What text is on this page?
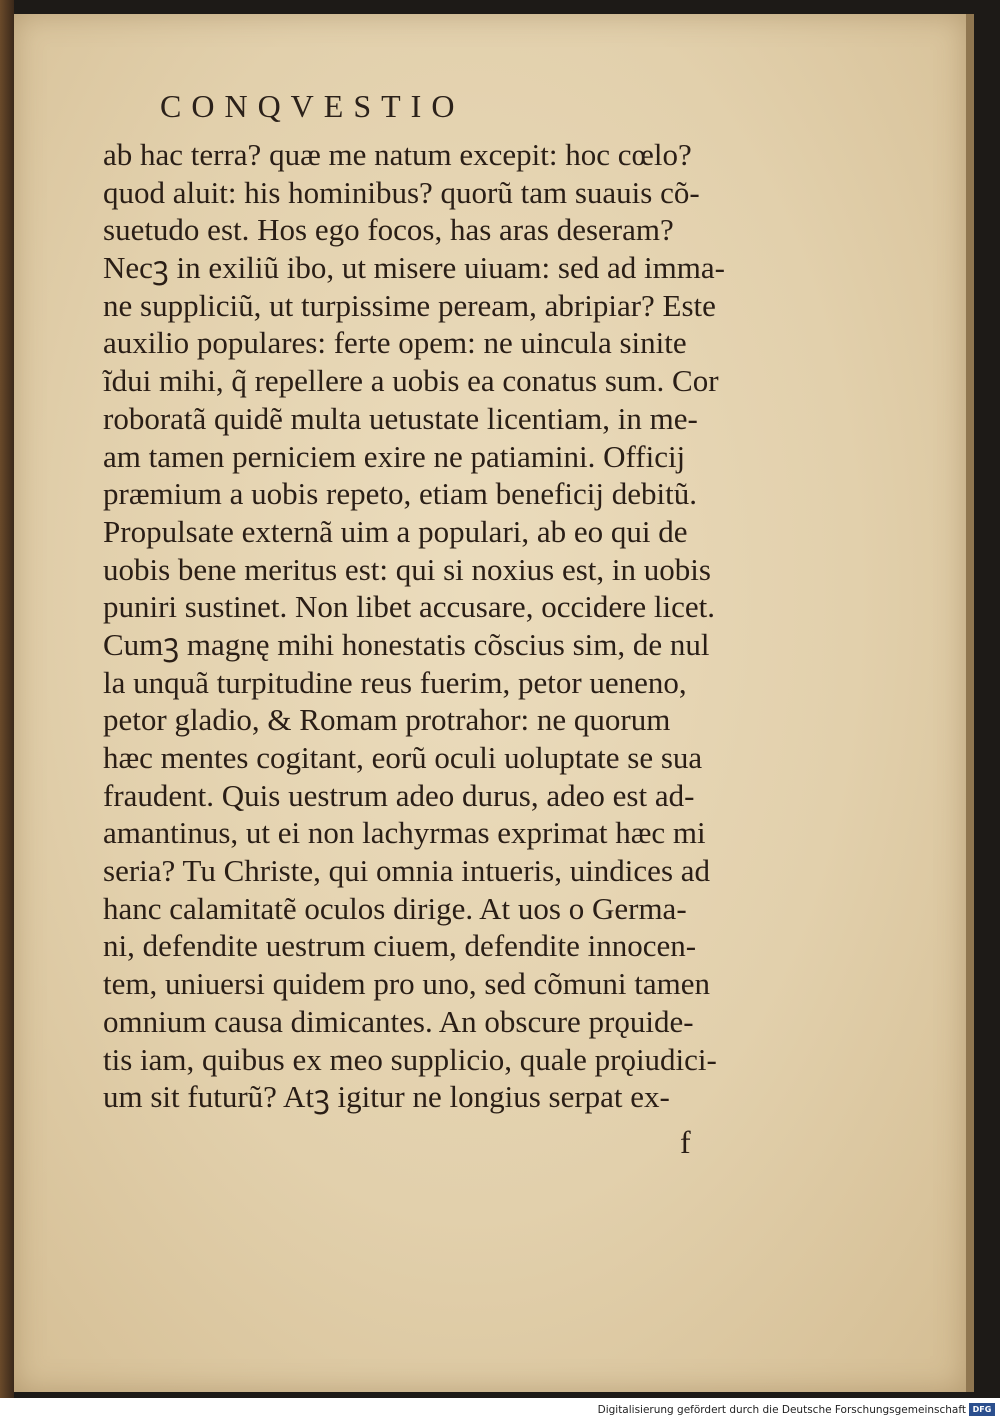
CONQVESTIO
ab hac terra? quæ me natum excepit: hoc cœlo?
quod aluit: his hominibus? quorũ tam suauis cõ-
suetudo est. Hos ego focos, has aras deseram?
Necꝫ in exiliũ ibo, ut misere uiuam: sed ad imma-
ne suppliciũ, ut turpissime peream, abripiar? Este
auxilio populares: ferte opem: ne uincula sinite
ĩdui mihi, q̃ repellere a uobis ea conatus sum. Cor
roboratã quidẽ multa uetustate licentiam, in me-
am tamen perniciem exire ne patiamini. Officij
præmium a uobis repeto, etiam beneficij debitũ.
Propulsate externã uim a populari, ab eo qui de
uobis bene meritus est: qui si noxius est, in uobis
puniri sustinet. Non libet accusare, occidere licet.
Cumꝫ magnę mihi honestatis cõscius sim, de nul
la unquã turpitudine reus fuerim, petor ueneno,
petor gladio, & Romam protrahor: ne quorum
hæc mentes cogitant, eorũ oculi uoluptate se sua
fraudent. Quis uestrum adeo durus, adeo est ad-
amantinus, ut ei non lachyrmas exprimat hæc mi
seria? Tu Christe, qui omnia intueris, uindices ad
hanc calamitatẽ oculos dirige. At uos o Germa-
ni, defendite uestrum ciuem, defendite innocen-
tem, uniuersi quidem pro uno, sed cõmuni tamen
omnium causa dimicantes. An obscure prǫuide-
tis iam, quibus ex meo supplicio, quale prǫiudici-
um sit futurũ? Atꝫ igitur ne longius serpat ex-
f
Digitalisierung gefördert durch die Deutsche Forschungsgemeinschaft DFG
